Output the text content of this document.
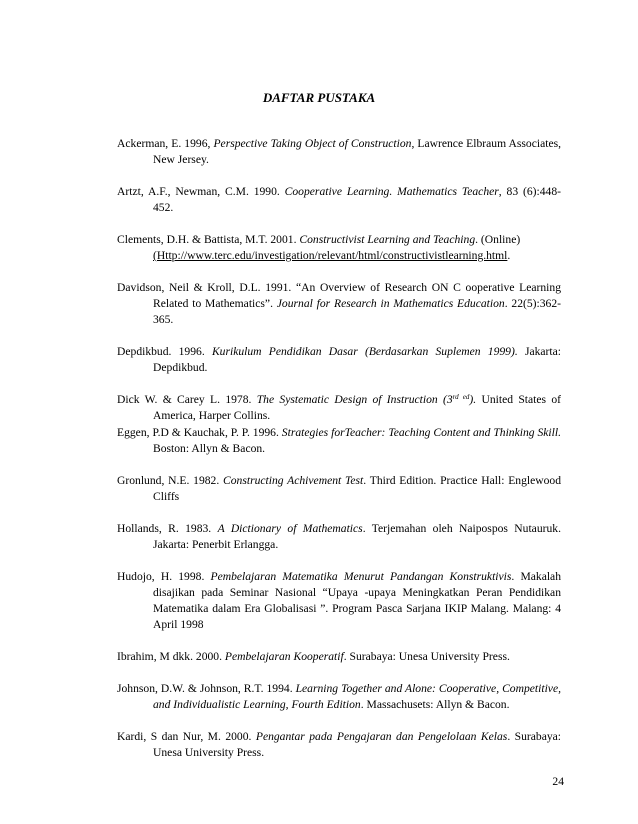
DAFTAR PUSTAKA

Ackerman, E. 1996, Perspective Taking Object of Construction, Lawrence Elbraum Associates, New Jersey.

Artzt, A.F., Newman, C.M. 1990. Cooperative Learning. Mathematics Teacher, 83 (6):448-452.

Clements, D.H. & Battista, M.T. 2001. Constructivist Learning and Teaching. (Online)
(Http://www.terc.edu/investigation/relevant/html/constructivistlearning.html.

Davidson, Neil & Kroll, D.L. 1991. “An Overview of Research ON C ooperative Learning Related to Mathematics”. Journal for Research in Mathematics Education. 22(5):362-365.

Depdikbud. 1996. Kurikulum Pendidikan Dasar (Berdasarkan Suplemen 1999). Jakarta: Depdikbud.

Dick W. & Carey L. 1978. The Systematic Design of Instruction $(3^{rd ed})$. United States of America, Harper Collins.

Eggen, P.D & Kauchak, P. P. 1996. Strategies forTeacher: Teaching Content and Thinking Skill. Boston: Allyn & Bacon.

Gronlund, N.E. 1982. Constructing Achivement Test. Third Edition. Practice Hall: Englewood Cliffs

Hollands, R. 1983. A Dictionary of Mathematics. Terjemahan oleh Naipospos Nutauruk. Jakarta: Penerbit Erlangga.

Hudojo, H. 1998. Pembelajaran Matematika Menurut Pandangan Konstruktivis. Makalah disajikan pada Seminar Nasional “Upaya -upaya Meningkatkan Peran Pendidikan Matematika dalam Era Globalisasi ”. Program Pasca Sarjana IKIP Malang. Malang: 4 April 1998

Ibrahim, M dkk. 2000. Pembelajaran Kooperatif. Surabaya: Unesa University Press.

Johnson, D.W. & Johnson, R.T. 1994. Learning Together and Alone: Cooperative, Competitive, and Individualistic Learning, Fourth Edition. Massachusets: Allyn & Bacon.

Kardi, S dan Nur, M. 2000. Pengantar pada Pengajaran dan Pengelolaan Kelas. Surabaya: Unesa University Press.

24
